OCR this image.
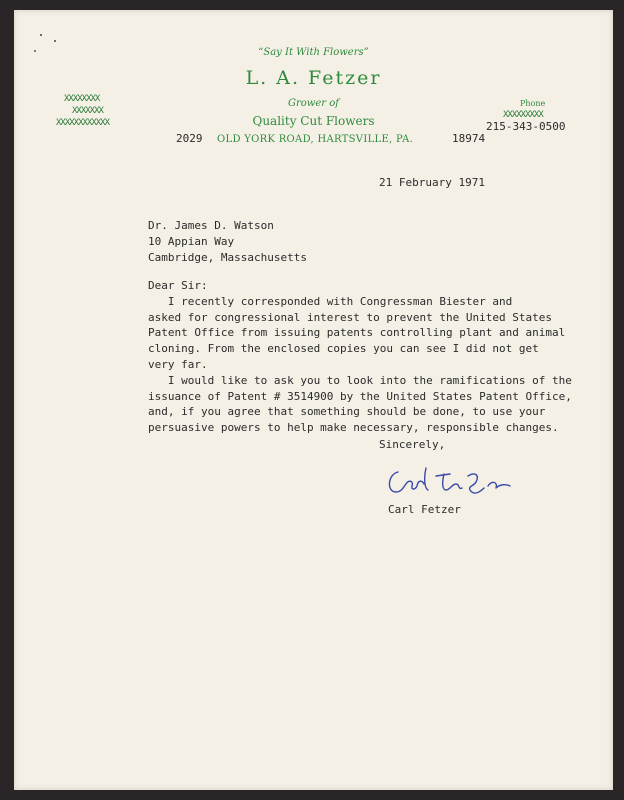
“Say It With Flowers”
L. A. Fetzer
Grower of
Quality Cut Flowers
2029 OLD YORK ROAD, HARTSVILLE, PA.	18974
XXXXXXXX
XXXXXXX
XXXXXXXXXXXX
Phone
XXXXXXXXX
215-343-0500
21 February 1971
Dr. James D. Watson
10 Appian Way
Cambridge, Massachusetts
Dear Sir:
I recently corresponded with Congressman Biester and
asked for congressional interest to prevent the United States
Patent Office from issuing patents controlling plant and animal
cloning. From the enclosed copies you can see I did not get
very far.
I would like to ask you to look into the ramifications of the
issuance of Patent # 3514900 by the United States Patent Office,
and, if you agree that something should be done, to use your
persuasive powers to help make necessary, responsible changes.
Sincerely,
Carl Fetzer
